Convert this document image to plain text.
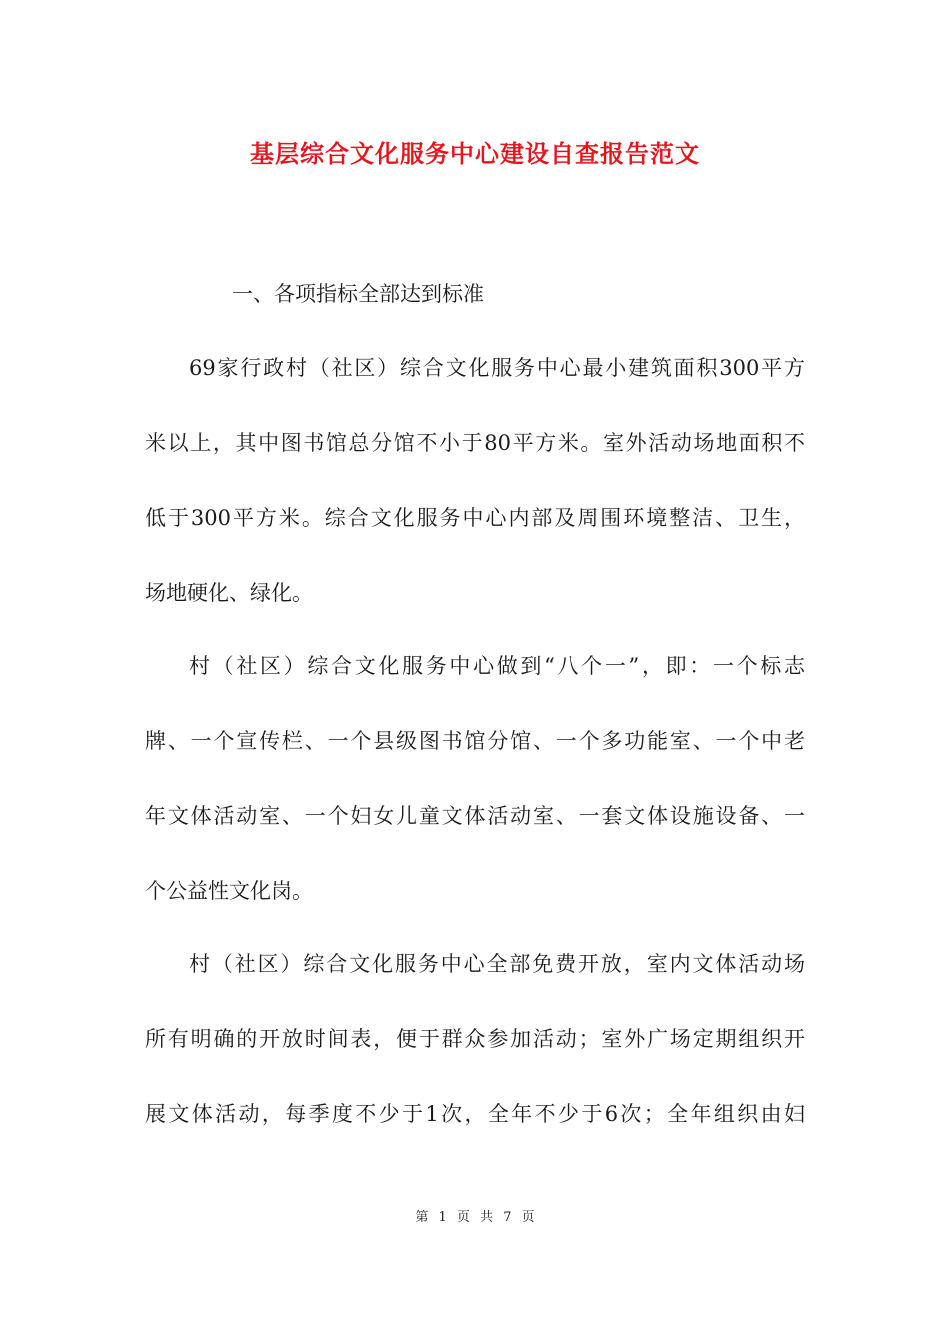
基层综合文化服务中心建设自查报告范文
一、各项指标全部达到标准
69家行政村（社区）综合文化服务中心最小建筑面积300平方
米以上，其中图书馆总分馆不小于80平方米。室外活动场地面积不
低于300平方米。综合文化服务中心内部及周围环境整洁、卫生，
场地硬化、绿化。
村（社区）综合文化服务中心做到“八个一”，即：一个标志
牌、一个宣传栏、一个县级图书馆分馆、一个多功能室、一个中老
年文体活动室、一个妇女儿童文体活动室、一套文体设施设备、一
个公益性文化岗。
村（社区）综合文化服务中心全部免费开放，室内文体活动场
所有明确的开放时间表，便于群众参加活动；室外广场定期组织开
展文体活动，每季度不少于1次，全年不少于6次；全年组织由妇
第 1 页 共 7 页
